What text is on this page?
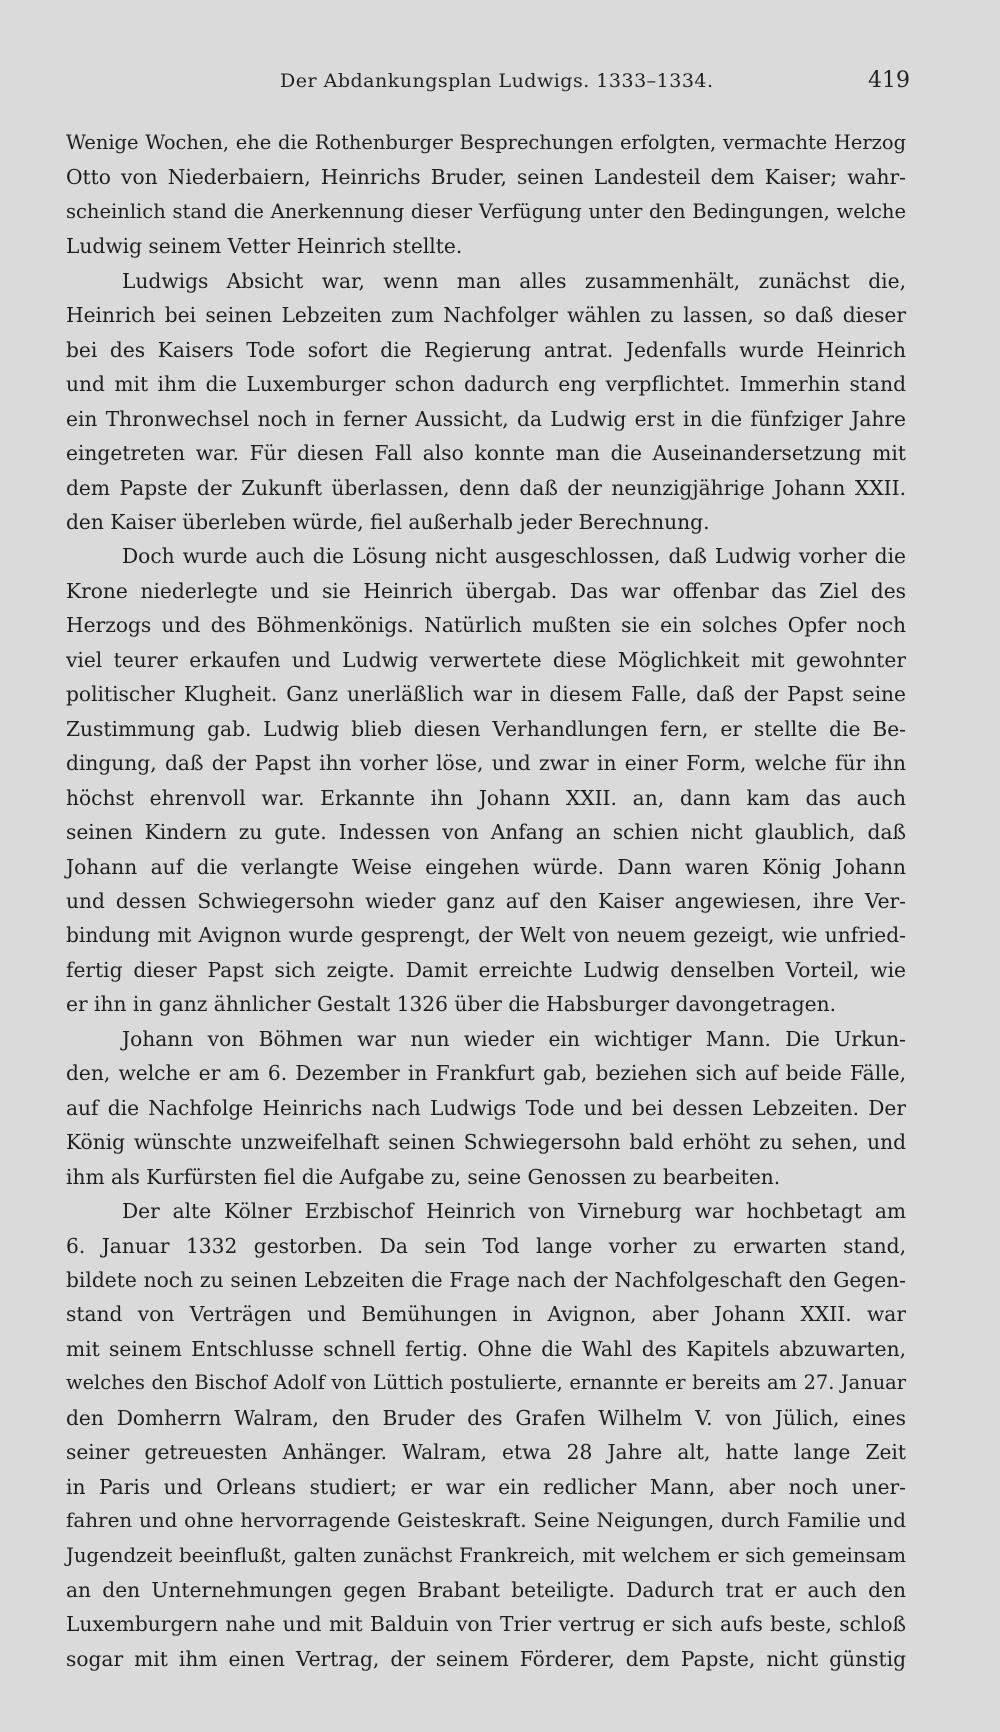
Der Abdankungsplan Ludwigs. 1333–1334.	419

Wenige Wochen, ehe die Rothenburger Besprechungen erfolgten, vermachte Herzog
Otto von Niederbaiern, Heinrichs Bruder, seinen Landesteil dem Kaiser; wahr-
scheinlich stand die Anerkennung dieser Verfügung unter den Bedingungen, welche
Ludwig seinem Vetter Heinrich stellte.

Ludwigs Absicht war, wenn man alles zusammenhält, zunächst die,
Heinrich bei seinen Lebzeiten zum Nachfolger wählen zu lassen, so daß dieser
bei des Kaisers Tode sofort die Regierung antrat. Jedenfalls wurde Heinrich
und mit ihm die Luxemburger schon dadurch eng verpflichtet. Immerhin stand
ein Thronwechsel noch in ferner Aussicht, da Ludwig erst in die fünfziger Jahre
eingetreten war. Für diesen Fall also konnte man die Auseinandersetzung mit
dem Papste der Zukunft überlassen, denn daß der neunzigjährige Johann XXII.
den Kaiser überleben würde, fiel außerhalb jeder Berechnung.

Doch wurde auch die Lösung nicht ausgeschlossen, daß Ludwig vorher die
Krone niederlegte und sie Heinrich übergab. Das war offenbar das Ziel des
Herzogs und des Böhmenkönigs. Natürlich mußten sie ein solches Opfer noch
viel teurer erkaufen und Ludwig verwertete diese Möglichkeit mit gewohnter
politischer Klugheit. Ganz unerläßlich war in diesem Falle, daß der Papst seine
Zustimmung gab. Ludwig blieb diesen Verhandlungen fern, er stellte die Be-
dingung, daß der Papst ihn vorher löse, und zwar in einer Form, welche für ihn
höchst ehrenvoll war. Erkannte ihn Johann XXII. an, dann kam das auch
seinen Kindern zu gute. Indessen von Anfang an schien nicht glaublich, daß
Johann auf die verlangte Weise eingehen würde. Dann waren König Johann
und dessen Schwiegersohn wieder ganz auf den Kaiser angewiesen, ihre Ver-
bindung mit Avignon wurde gesprengt, der Welt von neuem gezeigt, wie unfried-
fertig dieser Papst sich zeigte. Damit erreichte Ludwig denselben Vorteil, wie
er ihn in ganz ähnlicher Gestalt 1326 über die Habsburger davongetragen.

Johann von Böhmen war nun wieder ein wichtiger Mann. Die Urkun-
den, welche er am 6. Dezember in Frankfurt gab, beziehen sich auf beide Fälle,
auf die Nachfolge Heinrichs nach Ludwigs Tode und bei dessen Lebzeiten. Der
König wünschte unzweifelhaft seinen Schwiegersohn bald erhöht zu sehen, und
ihm als Kurfürsten fiel die Aufgabe zu, seine Genossen zu bearbeiten.

Der alte Kölner Erzbischof Heinrich von Virneburg war hochbetagt am
6. Januar 1332 gestorben. Da sein Tod lange vorher zu erwarten stand,
bildete noch zu seinen Lebzeiten die Frage nach der Nachfolgeschaft den Gegen-
stand von Verträgen und Bemühungen in Avignon, aber Johann XXII. war
mit seinem Entschlusse schnell fertig. Ohne die Wahl des Kapitels abzuwarten,
welches den Bischof Adolf von Lüttich postulierte, ernannte er bereits am 27. Januar
den Domherrn Walram, den Bruder des Grafen Wilhelm V. von Jülich, eines
seiner getreuesten Anhänger. Walram, etwa 28 Jahre alt, hatte lange Zeit
in Paris und Orleans studiert; er war ein redlicher Mann, aber noch uner-
fahren und ohne hervorragende Geisteskraft. Seine Neigungen, durch Familie und
Jugendzeit beeinflußt, galten zunächst Frankreich, mit welchem er sich gemeinsam
an den Unternehmungen gegen Brabant beteiligte. Dadurch trat er auch den
Luxemburgern nahe und mit Balduin von Trier vertrug er sich aufs beste, schloß
sogar mit ihm einen Vertrag, der seinem Förderer, dem Papste, nicht günstig
